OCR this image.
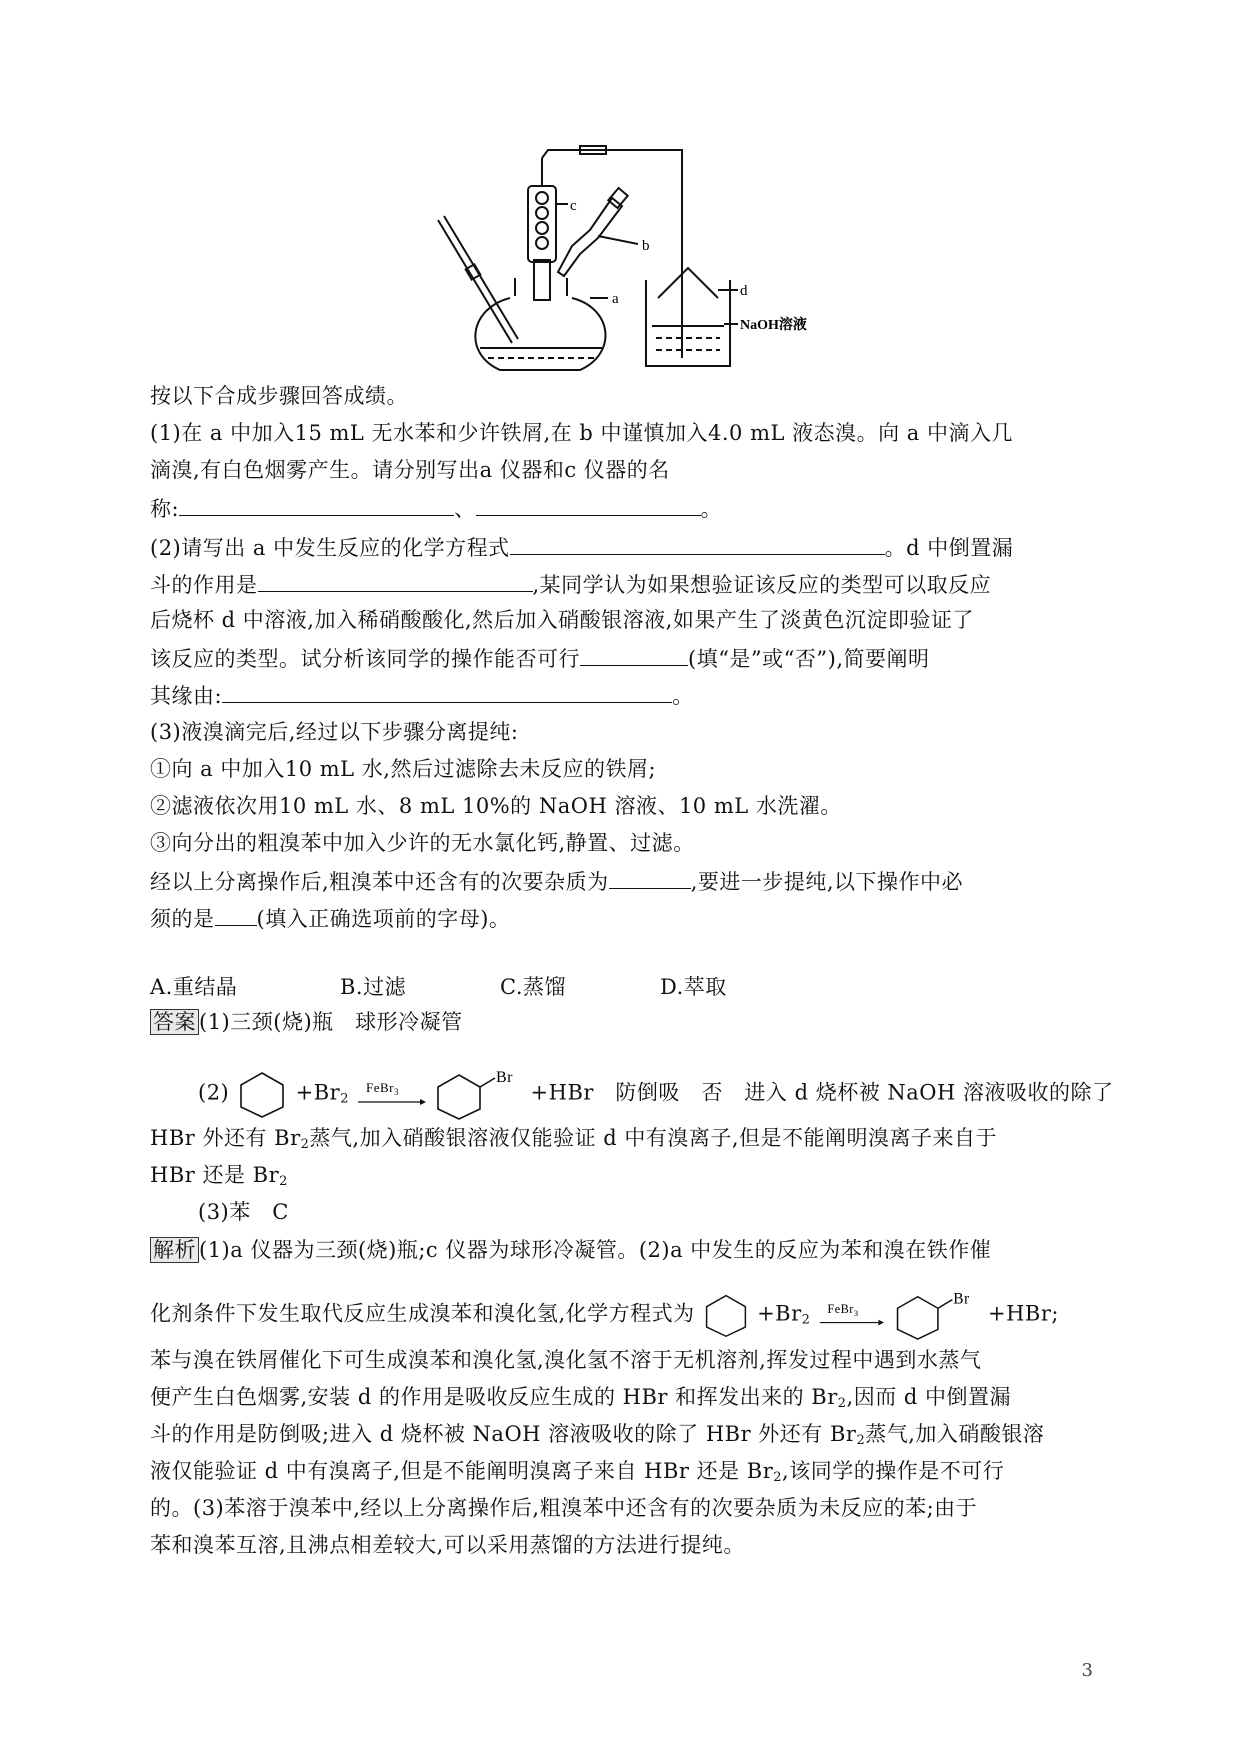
c
b
a	d
NaOH溶液
按以下合成步骤回答成绩。
(1)在 a 中加入15 mL 无水苯和少许铁屑,在 b 中谨慎加入4.0 mL 液态溴。向 a 中滴入几
滴溴,有白色烟雾产生。请分别写出a 仪器和c 仪器的名
称:	、	。
(2)请写出 a 中发生反应的化学方程式	。d 中倒置漏
斗的作用是	,某同学认为如果想验证该反应的类型可以取反应
后烧杯 d 中溶液,加入稀硝酸酸化,然后加入硝酸银溶液,如果产生了淡黄色沉淀即验证了
该反应的类型。试分析该同学的操作能否可行	(填“是”或“否”),简要阐明
其缘由:	。
(3)液溴滴完后,经过以下步骤分离提纯:
①向 a 中加入10 mL 水,然后过滤除去未反应的铁屑;
②滤液依次用10 mL 水、8 mL 10%的 NaOH 溶液、10 mL 水洗濯。
③向分出的粗溴苯中加入少许的无水氯化钙,静置、过滤。
经以上分离操作后,粗溴苯中还含有的次要杂质为	,要进一步提纯,以下操作中必
须的是 (填入正确选项前的字母)。
A.重结晶	B.过滤	C.蒸馏	D.萃取
答案 (1)三颈(烧)瓶　球形冷凝管
(2)	$+Br_2$
FeBr$_3$

Br
+HBr　防倒吸　否　进入 d 烧杯被 NaOH 溶液吸收的除了
HBr 外还有 $Br_2$蒸气,加入硝酸银溶液仅能验证 d 中有溴离子,但是不能阐明溴离子来自于
HBr 还是 $Br_2$
(3)苯　C
解析 (1)a 仪器为三颈(烧)瓶;c 仪器为球形冷凝管。(2)a 中发生的反应为苯和溴在铁作催
化剂条件下发生取代反应生成溴苯和溴化氢,化学方程式为	$+Br_2$
FeBr$_3$

Br
+HBr;
苯与溴在铁屑催化下可生成溴苯和溴化氢,溴化氢不溶于无机溶剂,挥发过程中遇到水蒸气
便产生白色烟雾,安装 d 的作用是吸收反应生成的 HBr 和挥发出来的 $Br_2$,因而 d 中倒置漏
斗的作用是防倒吸;进入 d 烧杯被 NaOH 溶液吸收的除了 HBr 外还有 $Br_2$蒸气,加入硝酸银溶
液仅能验证 d 中有溴离子,但是不能阐明溴离子来自 HBr 还是 $Br_2$,该同学的操作是不可行
的。(3)苯溶于溴苯中,经以上分离操作后,粗溴苯中还含有的次要杂质为未反应的苯;由于
苯和溴苯互溶,且沸点相差较大,可以采用蒸馏的方法进行提纯。
3
